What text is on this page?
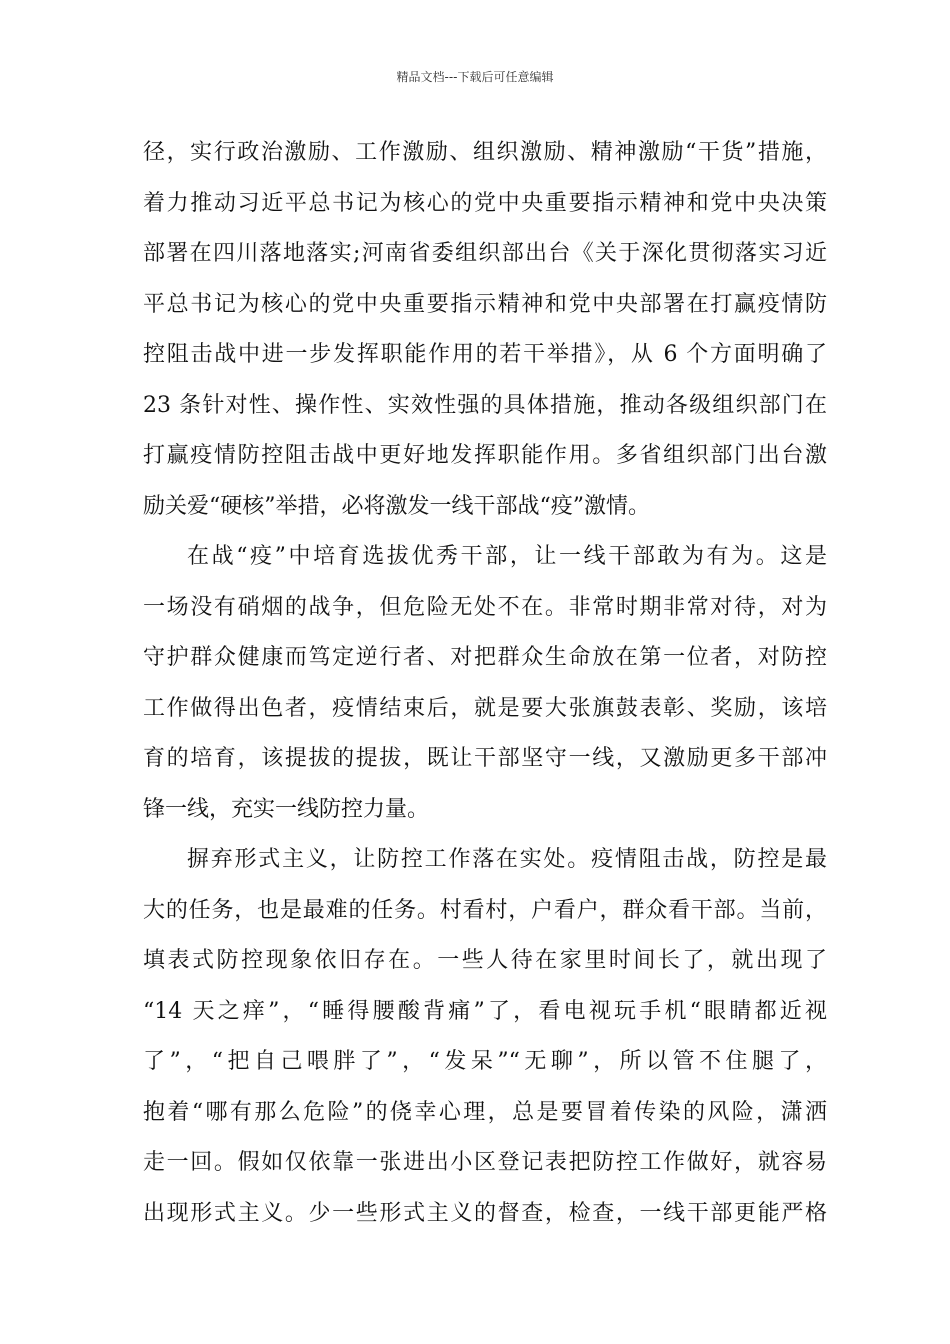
精品文档---下载后可任意编辑
径，实行政治激励、工作激励、组织激励、精神激励“干货”措施，
着力推动习近平总书记为核心的党中央重要指示精神和党中央决策
部署在四川落地落实;河南省委组织部出台《关于深化贯彻落实习近
平总书记为核心的党中央重要指示精神和党中央部署在打赢疫情防
控阻击战中进一步发挥职能作用的若干举措》，从 6 个方面明确了
23 条针对性、操作性、实效性强的具体措施，推动各级组织部门在
打赢疫情防控阻击战中更好地发挥职能作用。多省组织部门出台激
励关爱“硬核”举措，必将激发一线干部战“疫”激情。
在战“疫”中培育选拔优秀干部，让一线干部敢为有为。这是
一场没有硝烟的战争，但危险无处不在。非常时期非常对待，对为
守护群众健康而笃定逆行者、对把群众生命放在第一位者，对防控
工作做得出色者，疫情结束后，就是要大张旗鼓表彰、奖励，该培
育的培育，该提拔的提拔，既让干部坚守一线，又激励更多干部冲
锋一线，充实一线防控力量。
摒弃形式主义，让防控工作落在实处。疫情阻击战，防控是最
大的任务，也是最难的任务。村看村，户看户，群众看干部。当前，
填表式防控现象依旧存在。一些人待在家里时间长了，就出现了
“14 天之痒”，“睡得腰酸背痛”了，看电视玩手机“眼睛都近视
了”，“把自己喂胖了”，“发呆”“无聊”，所以管不住腿了，
抱着“哪有那么危险”的侥幸心理，总是要冒着传染的风险，潇洒
走一回。假如仅依靠一张进出小区登记表把防控工作做好，就容易
出现形式主义。少一些形式主义的督查，检查，一线干部更能严格
